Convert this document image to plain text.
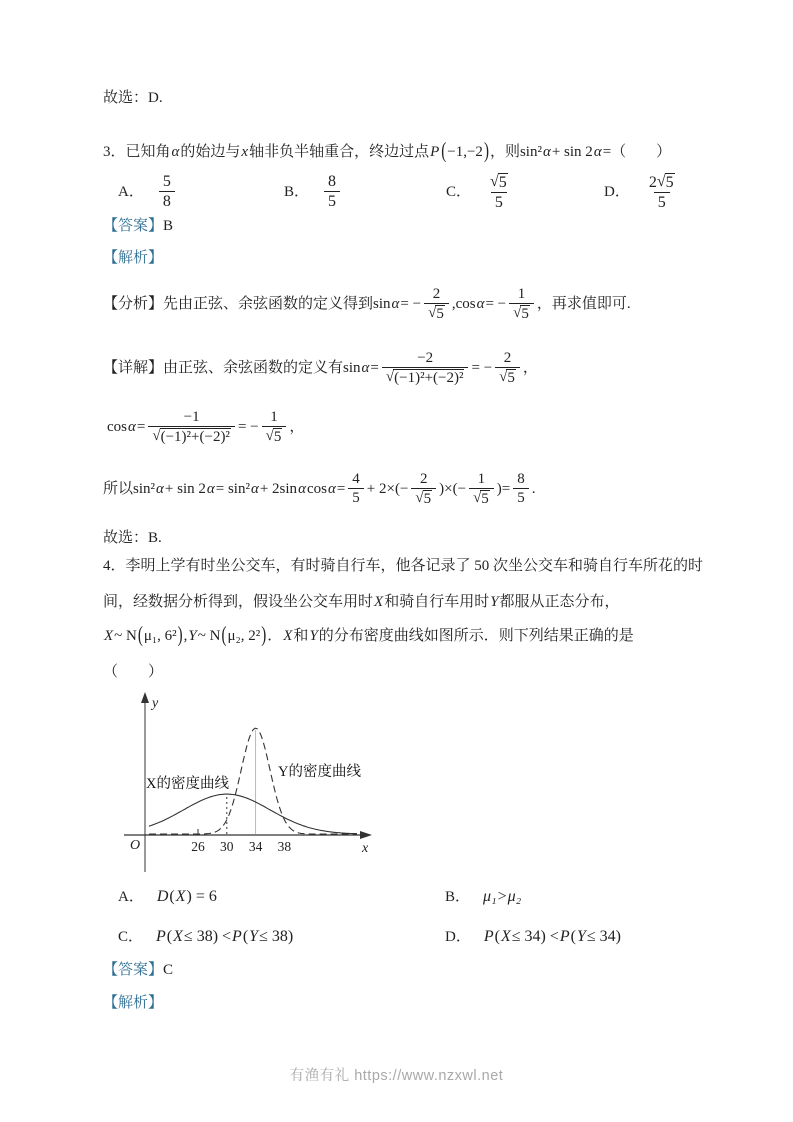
故选：D.
3．已知角 α 的始边与 x 轴非负半轴重合，终边过点 P ( −1,−2 ) ，则 sin² α + sin 2 α =（　　）
A． $\frac{5}{8}$	B． $\frac{8}{5}$	C． $\frac{√5}{5}$	D． $\frac{2√5}{5}$
【答案】 B
【解析】
【分析】 先由正弦、余弦函数的定义得到 sin α = − $\frac{2}{√5}$ , cos α = − $\frac{1}{√5}$ ，再求值即可.
【详解】 由正弦、余弦函数的定义有 $\sin \alpha = \frac{-2}{\text{√(−1)²+(−2)²}}$ = − $\frac{2}{√5}$ ，
$\cos \alpha = \frac{-1}{\text{√(−1)²+(−2)²}}$ = − $\frac{1}{√5}$ ，
所以 sin² α + sin 2 α = sin² α + 2sin α $\cos \alpha = \frac{4}{5} + 2\times(- \frac{2}{√5}$ )×(− $\frac{1}{√5}$ )= $\frac{8}{5}$ .
故选：B.
4．李明上学有时坐公交车，有时骑自行车，他各记录了 50 次坐公交车和骑自行车所花的时
间，经数据分析得到，假设坐公交车用时 X 和骑自行车用时 Y 都服从正态分布，
X ~ N ( μ₁, 6² ) , Y ~ N ( μ₂, 2² ) ． X 和 Y 的分布密度曲线如图所示．则下列结果正确的是
（　　）
y
x
O
X的密度曲线
Y的密度曲线
26 30 34 38
A． D ( X ) = 6	B． μ₁ > μ₂
C． P ( X ≤ 38) < P ( Y ≤ 38)	D． P ( X ≤ 34) < P ( Y ≤ 34)
【答案】 C
【解析】
有渔有礼 https://www.nzxwl.net
